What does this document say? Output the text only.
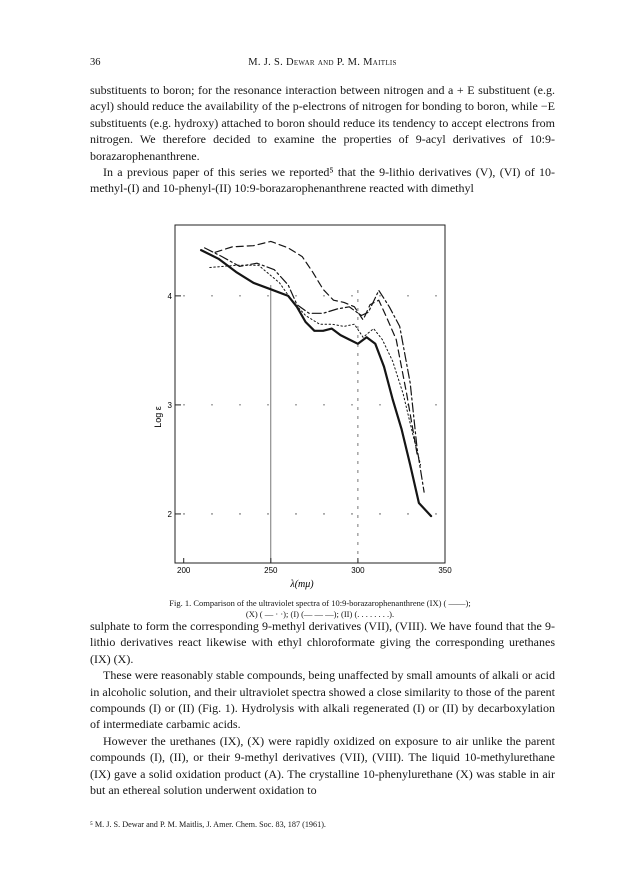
36	M. J. S. Dewar and P. M. Maitlis

substituents to boron; for the resonance interaction between nitrogen and a + E substituent (e.g. acyl) should reduce the availability of the p-electrons of nitrogen for bonding to boron, while −E substituents (e.g. hydroxy) attached to boron should reduce its tendency to accept electrons from nitrogen. We therefore decided to examine the properties of 9-acyl derivatives of 10:9-borazarophenanthrene.

In a previous paper of this series we reported⁵ that the 9-lithio derivatives (V), (VI) of 10-methyl-(I) and 10-phenyl-(II) 10:9-borazarophenanthrene reacted with dimethyl

200	250	300	350
2
3
4
Log ε
λ(mμ)
Fig. 1. Comparison of the ultraviolet spectra of 10:9-borazarophenanthrene (IX) ( ——);
(X) ( — · ·); (I) (— — —); (II) (. . . . . . . .).

sulphate to form the corresponding 9-methyl derivatives (VII), (VIII). We have found that the 9-lithio derivatives react likewise with ethyl chloroformate giving the corresponding urethanes (IX) (X).

These were reasonably stable compounds, being unaffected by small amounts of alkali or acid in alcoholic solution, and their ultraviolet spectra showed a close similarity to those of the parent compounds (I) or (II) (Fig. 1). Hydrolysis with alkali regenerated (I) or (II) by decarboxylation of intermediate carbamic acids.

However the urethanes (IX), (X) were rapidly oxidized on exposure to air unlike the parent compounds (I), (II), or their 9-methyl derivatives (VII), (VIII). The liquid 10-methylurethane (IX) gave a solid oxidation product (A). The crystalline 10-phenylurethane (X) was stable in air but an ethereal solution underwent oxidation to

⁵ M. J. S. Dewar and P. M. Maitlis, J. Amer. Chem. Soc. 83, 187 (1961).
